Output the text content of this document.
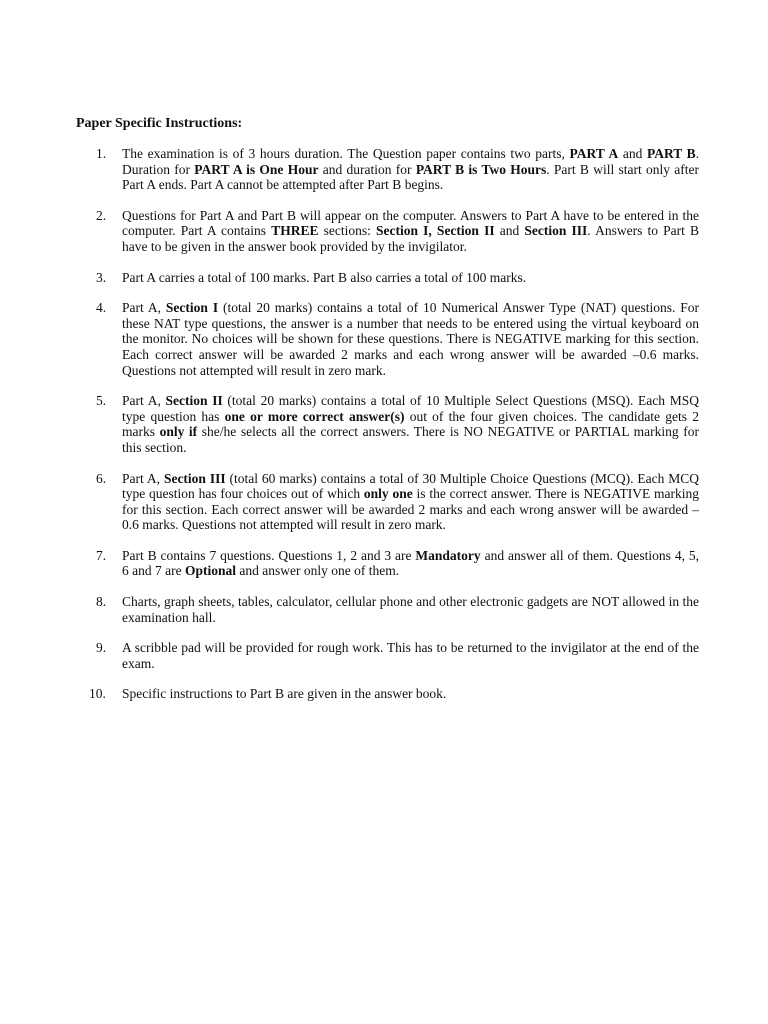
Paper Specific Instructions:
1.	The examination is of 3 hours duration. The Question paper contains two parts, PART A and PART B. Duration for PART A is One Hour and duration for PART B is Two Hours. Part B will start only after Part A ends. Part A cannot be attempted after Part B begins.
2.	Questions for Part A and Part B will appear on the computer. Answers to Part A have to be entered in the computer. Part A contains THREE sections: Section I, Section II and Section III. Answers to Part B have to be given in the answer book provided by the invigilator.
3.	Part A carries a total of 100 marks. Part B also carries a total of 100 marks.
4.	Part A, Section I (total 20 marks) contains a total of 10 Numerical Answer Type (NAT) questions. For these NAT type questions, the answer is a number that needs to be entered using the virtual keyboard on the monitor. No choices will be shown for these questions. There is NEGATIVE marking for this section. Each correct answer will be awarded 2 marks and each wrong answer will be awarded –0.6 marks. Questions not attempted will result in zero mark.
5.	Part A, Section II (total 20 marks) contains a total of 10 Multiple Select Questions (MSQ). Each MSQ type question has one or more correct answer(s) out of the four given choices. The candidate gets 2 marks only if she/he selects all the correct answers. There is NO NEGATIVE or PARTIAL marking for this section.
6.	Part A, Section III (total 60 marks) contains a total of 30 Multiple Choice Questions (MCQ). Each MCQ type question has four choices out of which only one is the correct answer. There is NEGATIVE marking for this section. Each correct answer will be awarded 2 marks and each wrong answer will be awarded –0.6 marks. Questions not attempted will result in zero mark.
7.	Part B contains 7 questions. Questions 1, 2 and 3 are Mandatory and answer all of them. Questions 4, 5, 6 and 7 are Optional and answer only one of them.
8.	Charts, graph sheets, tables, calculator, cellular phone and other electronic gadgets are NOT allowed in the examination hall.
9.	A scribble pad will be provided for rough work. This has to be returned to the invigilator at the end of the exam.
10.	Specific instructions to Part B are given in the answer book.
